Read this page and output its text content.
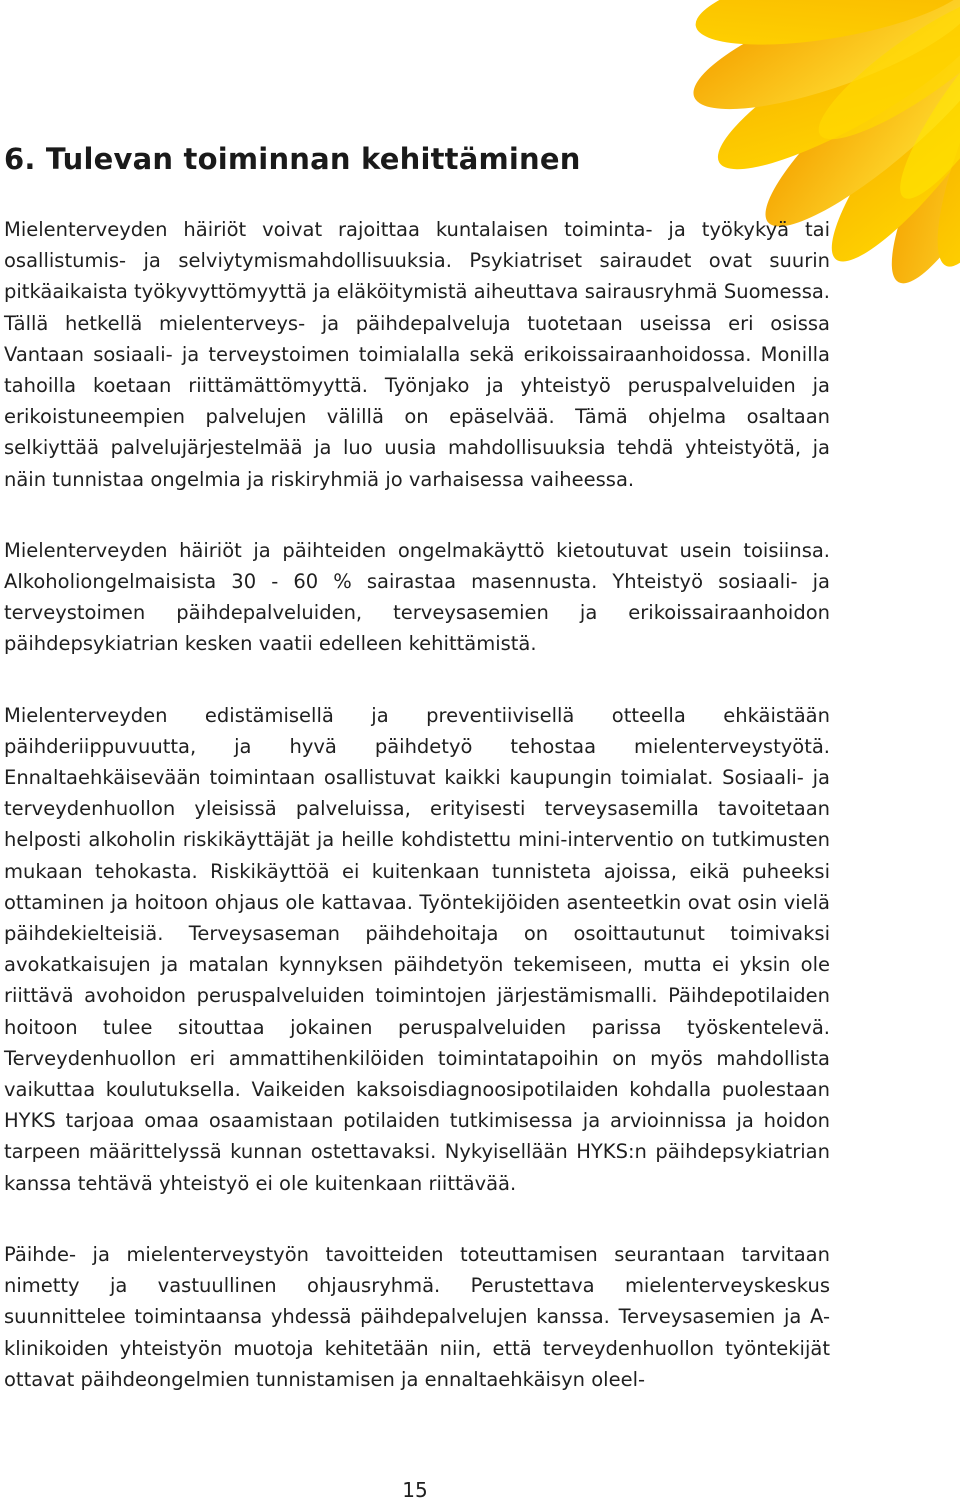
6. Tulevan toiminnan kehittäminen

Mielenterveyden häiriöt voivat rajoittaa kuntalaisen toiminta- ja työkykyä tai osallistumis- ja selviytymismahdollisuuksia. Psykiatriset sairaudet ovat suurin pitkäaikaista työkyvyttömyyttä ja eläköitymistä aiheuttava sairausryhmä Suomessa. Tällä hetkellä mielenterveys- ja päihdepalveluja tuotetaan useissa eri osissa Vantaan sosiaali- ja terveystoimen toimialalla sekä erikoissairaanhoidossa. Monilla tahoilla koetaan riittämättömyyttä. Työnjako ja yhteistyö peruspalveluiden ja erikoistuneempien palvelujen välillä on epäselvää. Tämä ohjelma osaltaan selkiyttää palvelujärjestelmää ja luo uusia mahdollisuuksia tehdä yhteistyötä, ja näin tunnistaa ongelmia ja riskiryhmiä jo varhaisessa vaiheessa.

Mielenterveyden häiriöt ja päihteiden ongelmakäyttö kietoutuvat usein toisiinsa. Alkoholiongelmaisista 30 - 60 % sairastaa masennusta. Yhteistyö sosiaali- ja terveystoimen päihdepalveluiden, terveysasemien ja erikoissairaanhoidon päihdepsykiatrian kesken vaatii edelleen kehittämistä.

Mielenterveyden edistämisellä ja preventiivisellä otteella ehkäistään päihderiippuvuutta, ja hyvä päihdetyö tehostaa mielenterveystyötä. Ennaltaehkäisevään toimintaan osallistuvat kaikki kaupungin toimialat. Sosiaali- ja terveydenhuollon yleisissä palveluissa, erityisesti terveysasemilla tavoitetaan helposti alkoholin riskikäyttäjät ja heille kohdistettu mini-interventio on tutkimusten mukaan tehokasta. Riskikäyttöä ei kuitenkaan tunnisteta ajoissa, eikä puheeksi ottaminen ja hoitoon ohjaus ole kattavaa. Työntekijöiden asenteetkin ovat osin vielä päihdekielteisiä. Terveysaseman päihdehoitaja on osoittautunut toimivaksi avokatkaisujen ja matalan kynnyksen päihdetyön tekemiseen, mutta ei yksin ole riittävä avohoidon peruspalveluiden toimintojen järjestämismalli. Päihdepotilaiden hoitoon tulee sitouttaa jokainen peruspalveluiden parissa työskentelevä. Terveydenhuollon eri ammattihenkilöiden toimintatapoihin on myös mahdollista vaikuttaa koulutuksella. Vaikeiden kaksoisdiagnoosipotilaiden kohdalla puolestaan HYKS tarjoaa omaa osaamistaan potilaiden tutkimisessa ja arvioinnissa ja hoidon tarpeen määrittelyssä kunnan ostettavaksi. Nykyisellään HYKS:n päihdepsykiatrian kanssa tehtävä yhteistyö ei ole kuitenkaan riittävää.

Päihde- ja mielenterveystyön tavoitteiden toteuttamisen seurantaan tarvitaan nimetty ja vastuullinen ohjausryhmä. Perustettava mielenterveyskeskus suunnittelee toimintaansa yhdessä päihdepalvelujen kanssa. Terveysasemien ja A-klinikoiden yhteistyön muotoja kehitetään niin, että terveydenhuollon työntekijät ottavat päihdeongelmien tunnistamisen ja ennaltaehkäisyn oleel-

15
